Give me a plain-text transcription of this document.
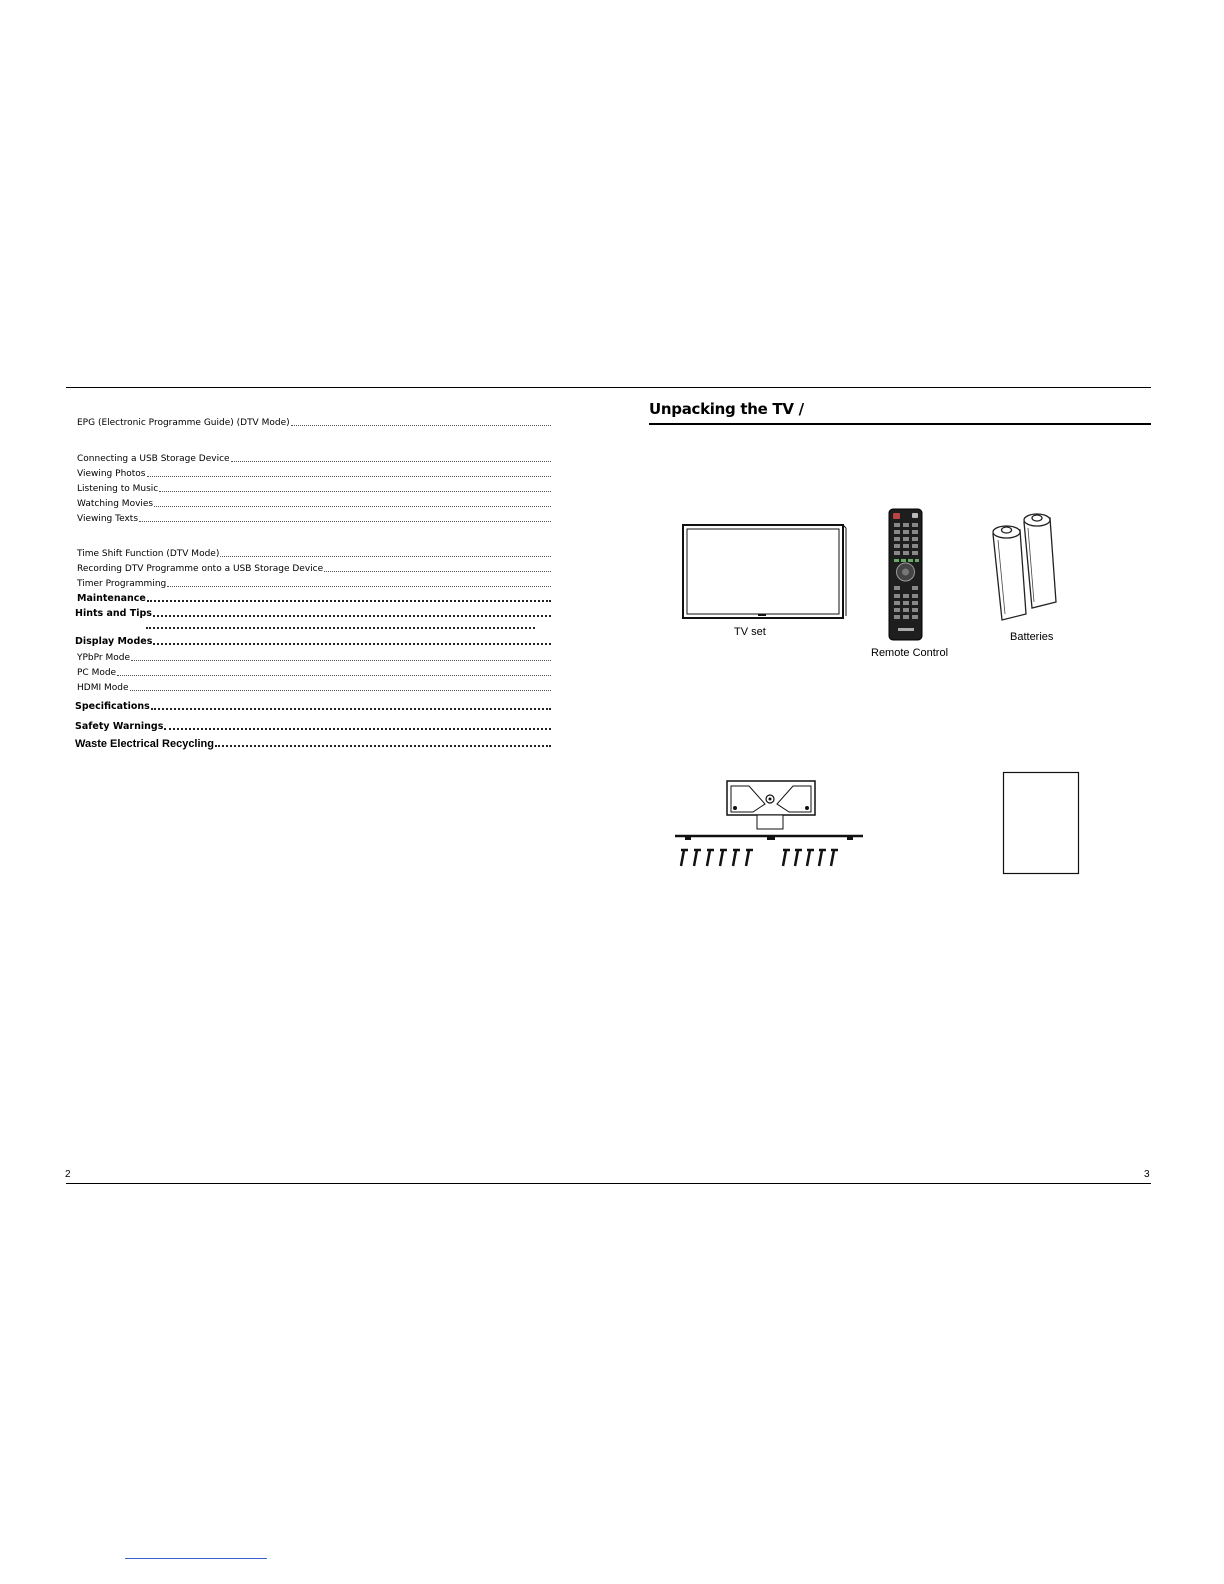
EPG (Electronic Programme Guide) (DTV Mode)
Connecting a USB Storage Device
Viewing Photos
Listening to Music
Watching Movies
Viewing Texts
Time Shift Function (DTV Mode)
Recording DTV Programme onto a USB Storage Device
Timer Programming
Maintenance
Hints and Tips
Display Modes
YPbPr Mode
PC Mode
HDMI Mode
Specifications
Safety Warnings
Waste Electrical Recycling
Unpacking the TV /
TV set
Remote Control
Batteries
2	3
